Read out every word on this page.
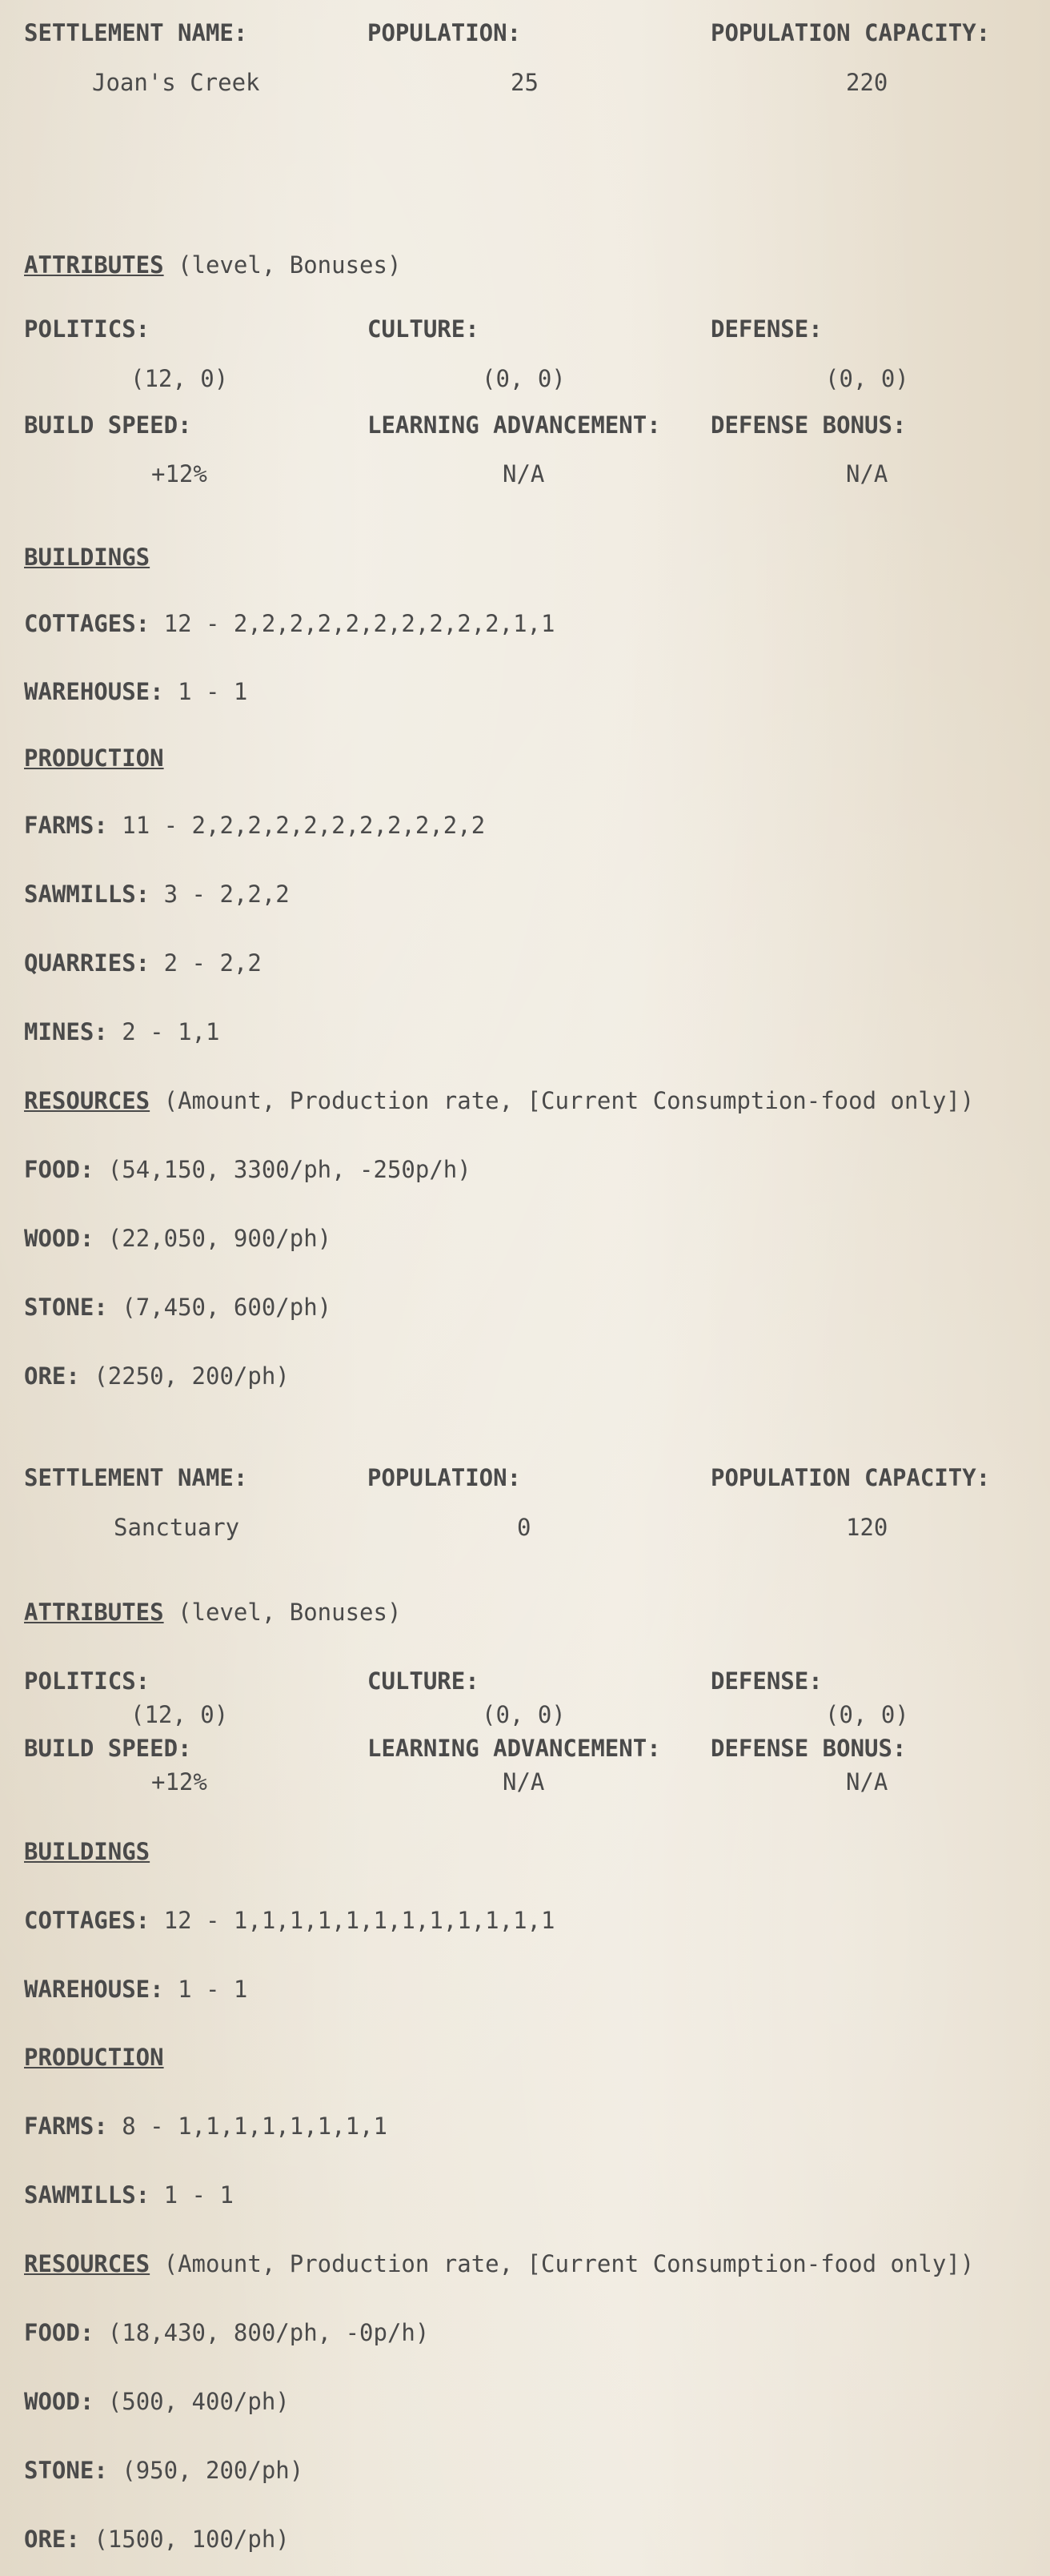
SETTLEMENT NAME:	POPULATION:	POPULATION CAPACITY:
Joan's Creek	25	220
ATTRIBUTES (level, Bonuses)
POLITICS:	CULTURE:	DEFENSE:
(12, 0)	(0, 0)	(0, 0)
BUILD SPEED:	LEARNING ADVANCEMENT: DEFENSE BONUS:
+12%	N/A	N/A
BUILDINGS
COTTAGES: 12 - 2,2,2,2,2,2,2,2,2,2,1,1
WAREHOUSE: 1 - 1
PRODUCTION
FARMS: 11 - 2,2,2,2,2,2,2,2,2,2,2
SAWMILLS: 3 - 2,2,2
QUARRIES: 2 - 2,2
MINES: 2 - 1,1
RESOURCES (Amount, Production rate, [Current Consumption-food only])
FOOD: (54,150, 3300/ph, -250p/h)
WOOD: (22,050, 900/ph)
STONE: (7,450, 600/ph)
ORE: (2250, 200/ph)
SETTLEMENT NAME:	POPULATION:	POPULATION CAPACITY:
Sanctuary	0	120
ATTRIBUTES (level, Bonuses)
POLITICS:	CULTURE:	DEFENSE:
(12, 0)	(0, 0)	(0, 0)
BUILD SPEED:	LEARNING ADVANCEMENT: DEFENSE BONUS:
+12%	N/A	N/A
BUILDINGS
COTTAGES: 12 - 1,1,1,1,1,1,1,1,1,1,1,1
WAREHOUSE: 1 - 1
PRODUCTION
FARMS: 8 - 1,1,1,1,1,1,1,1
SAWMILLS: 1 - 1
RESOURCES (Amount, Production rate, [Current Consumption-food only])
FOOD: (18,430, 800/ph, -0p/h)
WOOD: (500, 400/ph)
STONE: (950, 200/ph)
ORE: (1500, 100/ph)
